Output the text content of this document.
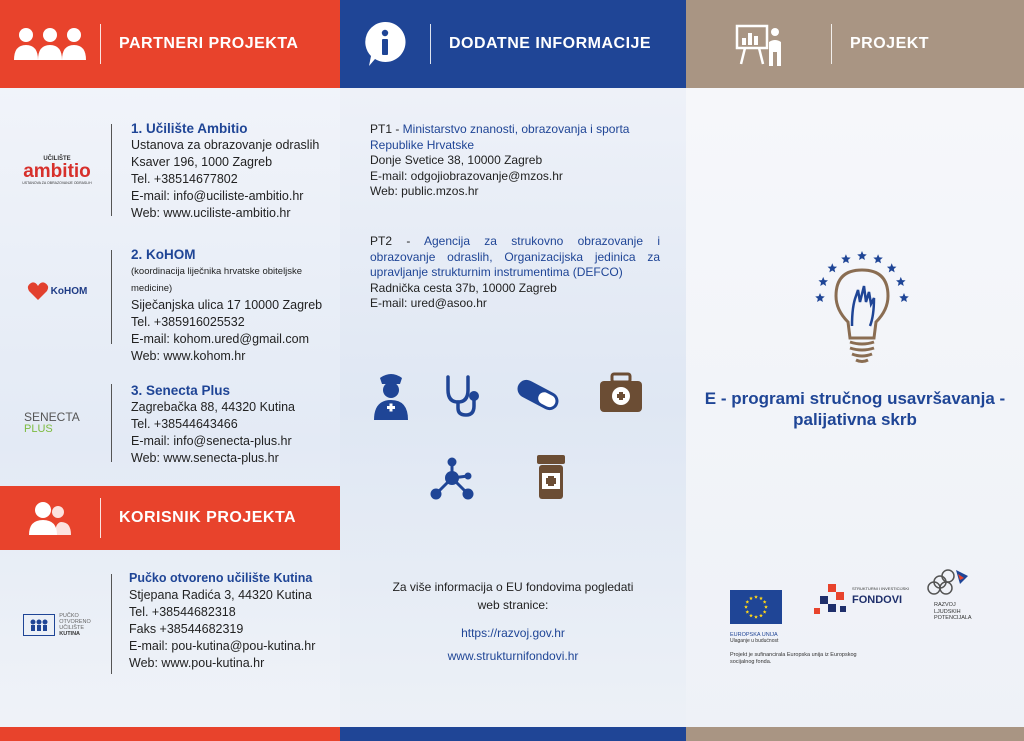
PARTNERI PROJEKTA
UČILIŠTE
ambitio
USTANOVA ZA OBRAZOVANJE ODRASLIH
1. Učilište Ambitio
Ustanova za obrazovanje odraslih
Ksaver 196, 1000 Zagreb
Tel. +38514677802
E-mail: info@uciliste-ambitio.hr
Web: www.uciliste-ambitio.hr
KoHOM
2. KoHOM
(koordinacija liječnika hrvatske obiteljske medicine)
Siječanjska ulica 17 10000 Zagreb
Tel. +385916025532
E-mail: kohom.ured@gmail.com
Web: www.kohom.hr
SENECTA
PLUS
3. Senecta Plus
Zagrebačka 88, 44320 Kutina
Tel. +38544643466
E-mail: info@senecta-plus.hr
Web: www.senecta-plus.hr
KORISNIK PROJEKTA
PUČKO
OTVORENO
UČILIŠTE
KUTINA
Pučko otvoreno učilište Kutina
Stjepana Radića 3, 44320 Kutina
Tel. +38544682318
Faks +38544682319
E-mail: pou-kutina@pou-kutina.hr
Web: www.pou-kutina.hr
DODATNE INFORMACIJE
PT1 - Ministarstvo znanosti, obrazovanja i sporta Republike Hrvatske
Donje Svetice 38, 10000 Zagreb
E-mail: odgojiobrazovanje@mzos.hr
Web: public.mzos.hr
PT2 - Agencija za strukovno obrazovanje i obrazovanje odraslih, Organizacijska jedinica za upravljanje strukturnim instrumentima (DEFCO)
Radnička cesta 37b, 10000 Zagreb
E-mail: ured@asoo.hr
Za više informacija o EU fondovima pogledati web stranice:
https://razvoj.gov.hr
www.strukturnifondovi.hr
PROJEKT
E - programi stručnog usavršavanja - palijativna skrb
EUROPSKA UNIJA
Ulaganje u budućnost
STRUKTURNI I INVESTICIJSKI
FONDOVI	RAZVOJ
LJUDSKIH
POTENCIJALA
Projekt je sufinancirala Europska unija iz Europskog socijalnog fonda.
